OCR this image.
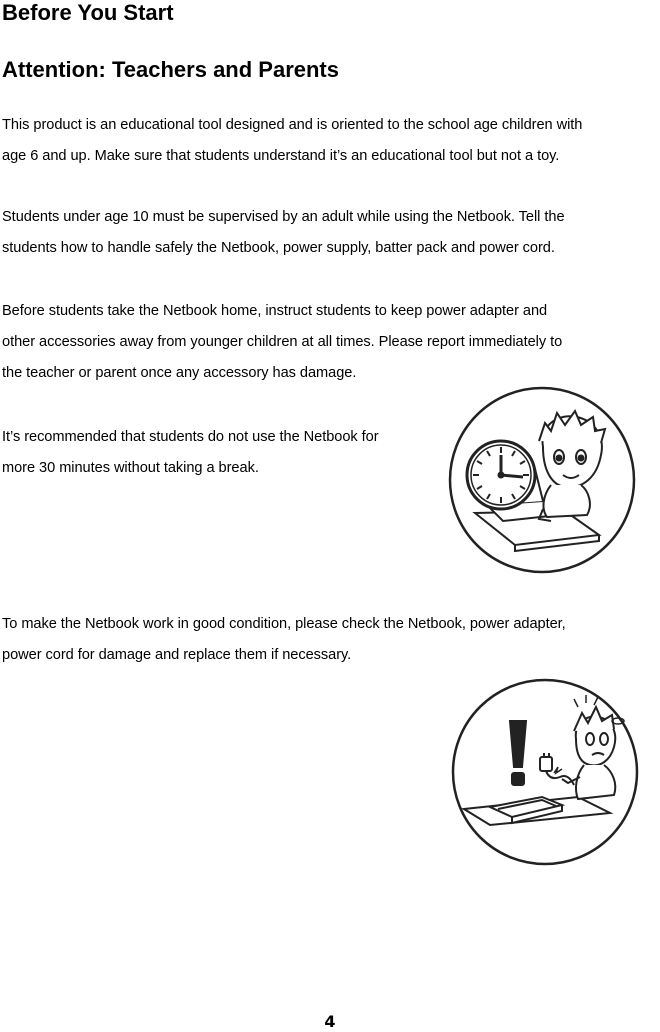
Before You Start
Attention: Teachers and Parents
This product is an educational tool designed and is oriented to the school age children with
age 6 and up. Make sure that students understand it’s an educational tool but not a toy.
Students under age 10 must be supervised by an adult while using the Netbook. Tell the
students how to handle safely the Netbook, power supply, batter pack and power cord.
Before students take the Netbook home, instruct students to keep power adapter and
other accessories away from younger children at all times. Please report immediately to
the teacher or parent once any accessory has damage.
It’s recommended that students do not use the Netbook for
more 30 minutes without taking a break.
To make the Netbook work in good condition, please check the Netbook, power adapter,
power cord for damage and replace them if necessary.
4
